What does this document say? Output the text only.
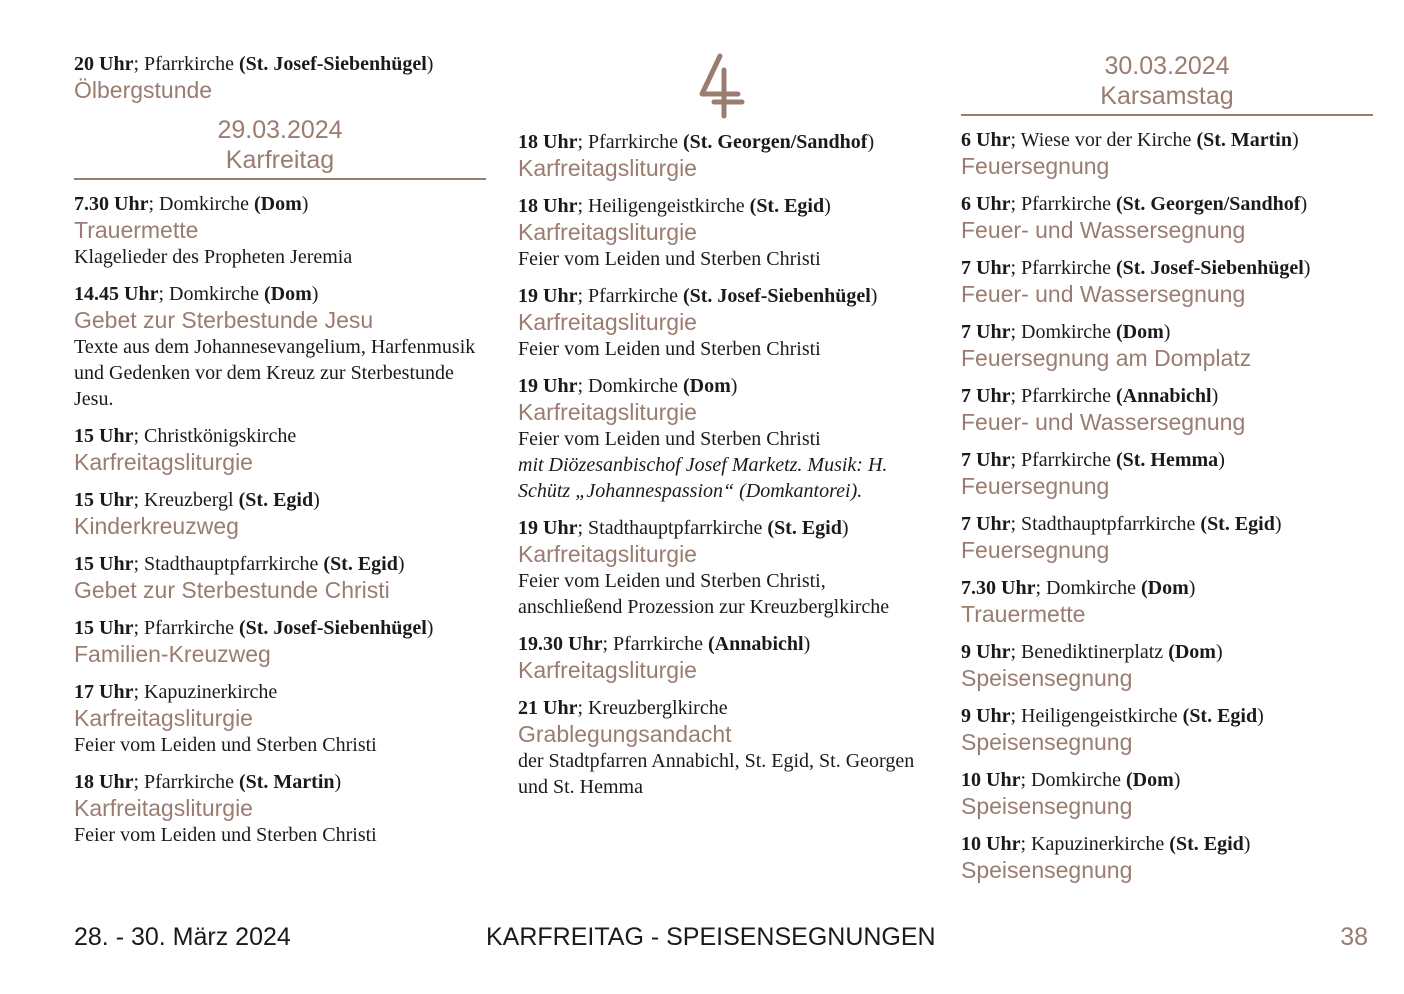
20 Uhr; Pfarrkirche (St. Josef-Siebenhügel)
Ölbergstunde
29.03.2024
Karfreitag
7.30 Uhr; Domkirche (Dom)
Trauermette
Klagelieder des Propheten Jeremia
14.45 Uhr; Domkirche (Dom)
Gebet zur Sterbestunde Jesu
Texte aus dem Johannesevangelium, Harfenmusik und Gedenken vor dem Kreuz zur Sterbestunde Jesu.
15 Uhr; Christkönigskirche
Karfreitagsliturgie
15 Uhr; Kreuzbergl (St. Egid)
Kinderkreuzweg
15 Uhr; Stadthauptpfarrkirche (St. Egid)
Gebet zur Sterbestunde Christi
15 Uhr; Pfarrkirche (St. Josef-Siebenhügel)
Familien-Kreuzweg
17 Uhr; Kapuzinerkirche
Karfreitagsliturgie
Feier vom Leiden und Sterben Christi
18 Uhr; Pfarrkirche (St. Martin)
Karfreitagsliturgie
Feier vom Leiden und Sterben Christi
18 Uhr; Pfarrkirche (St. Georgen/Sandhof)
Karfreitagsliturgie
18 Uhr; Heiligengeistkirche (St. Egid)
Karfreitagsliturgie
Feier vom Leiden und Sterben Christi
19 Uhr; Pfarrkirche (St. Josef-Siebenhügel)
Karfreitagsliturgie
Feier vom Leiden und Sterben Christi
19 Uhr; Domkirche (Dom)
Karfreitagsliturgie
Feier vom Leiden und Sterben Christi
mit Diözesanbischof Josef Marketz. Musik: H. Schütz „Johannespassion“ (Domkantorei).
19 Uhr; Stadthauptpfarrkirche (St. Egid)
Karfreitagsliturgie
Feier vom Leiden und Sterben Christi, anschließend Prozession zur Kreuzberglkirche
19.30 Uhr; Pfarrkirche (Annabichl)
Karfreitagsliturgie
21 Uhr; Kreuzberglkirche
Grablegungsandacht
der Stadtpfarren Annabichl, St. Egid, St. Georgen und St. Hemma
30.03.2024
Karsamstag
6 Uhr; Wiese vor der Kirche (St. Martin)
Feuersegnung
6 Uhr; Pfarrkirche (St. Georgen/Sandhof)
Feuer- und Wassersegnung
7 Uhr; Pfarrkirche (St. Josef-Siebenhügel)
Feuer- und Wassersegnung
7 Uhr; Domkirche (Dom)
Feuersegnung am Domplatz
7 Uhr; Pfarrkirche (Annabichl)
Feuer- und Wassersegnung
7 Uhr; Pfarrkirche (St. Hemma)
Feuersegnung
7 Uhr; Stadthauptpfarrkirche (St. Egid)
Feuersegnung
7.30 Uhr; Domkirche (Dom)
Trauermette
9 Uhr; Benediktinerplatz (Dom)
Speisensegnung
9 Uhr; Heiligengeistkirche (St. Egid)
Speisensegnung
10 Uhr; Domkirche (Dom)
Speisensegnung
10 Uhr; Kapuzinerkirche (St. Egid)
Speisensegnung
28. - 30. März 2024	KARFREITAG - SPEISENSEGNUNGEN	38
